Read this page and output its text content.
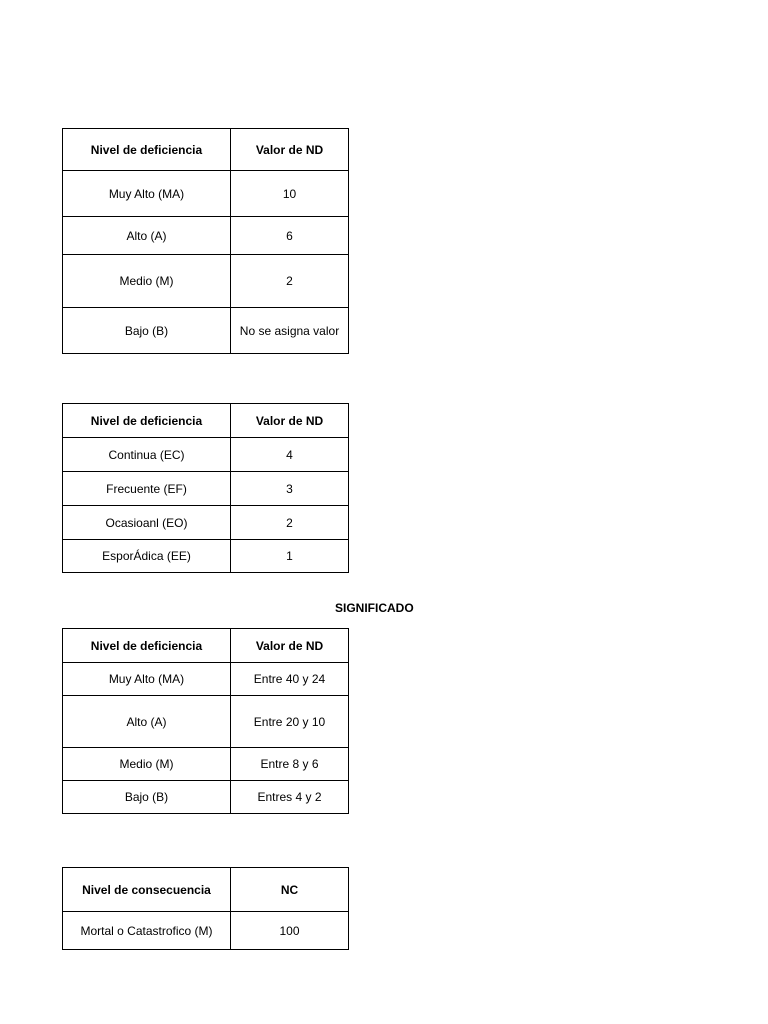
Nivel de deficiencia	Valor de ND
Muy Alto (MA)	10
Alto (A)	6
Medio (M)	2
Bajo (B)	No se asigna valor
Nivel de deficiencia	Valor de ND
Continua (EC)	4
Frecuente (EF)	3
Ocasioanl (EO)	2
EsporÁdica (EE)	1
SIGNIFICADO
Nivel de deficiencia	Valor de ND
Muy Alto (MA)	Entre 40 y 24
Alto (A)	Entre 20 y 10
Medio (M)	Entre 8 y 6
Bajo (B)	Entres 4 y 2
Nivel de consecuencia	NC
Mortal o Catastrofico (M)	100
